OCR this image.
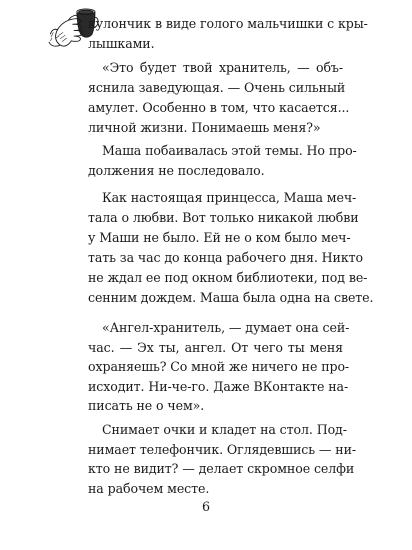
кулончик в виде голого мальчишки с кры-
лышками.
«Это будет твой хранитель, — объ-
яснила заведующая. — Очень сильный
амулет. Особенно в том, что касается...
личной жизни. Понимаешь меня?»
Маша побаивалась этой темы. Но про-
должения не последовало.
Как настоящая принцесса, Маша меч-
тала о любви. Вот только никакой любви
у Маши не было. Ей не о ком было меч-
тать за час до конца рабочего дня. Никто
не ждал ее под окном библиотеки, под ве-
сенним дождем. Маша была одна на свете.
«Ангел-хранитель, — думает она сей-
час. — Эх ты, ангел. От чего ты меня
охраняешь? Со мной же ничего не про-
исходит. Ни-че-го. Даже ВКонтакте на-
писать не о чем».
Снимает очки и кладет на стол. Под-
нимает телефончик. Оглядевшись — ни-
кто не видит? — делает скромное селфи
на рабочем месте.
6
